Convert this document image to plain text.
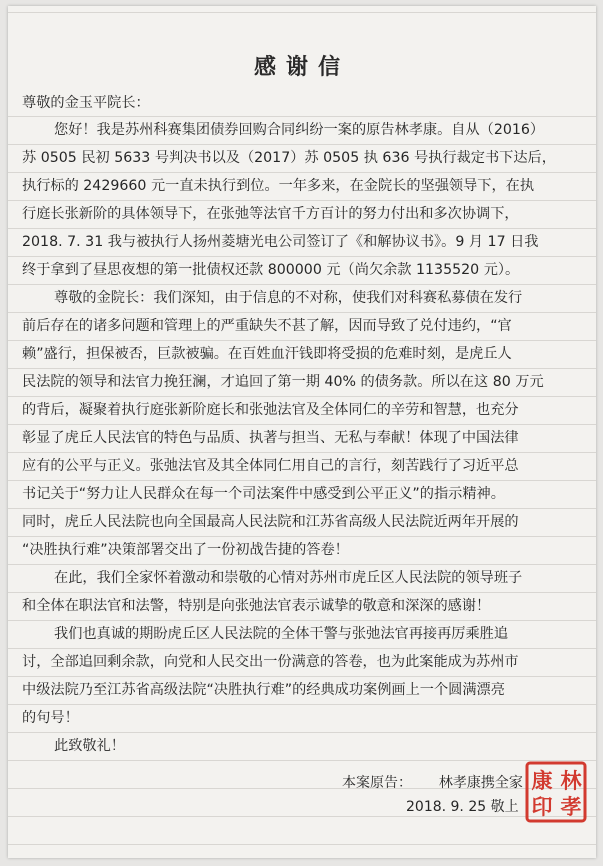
感谢信
尊敬的金玉平院长：
您好！我是苏州科赛集团债券回购合同纠纷一案的原告林孝康。自从（2016）
苏 0505 民初 5633 号判决书以及（2017）苏 0505 执 636 号执行裁定书下达后，
执行标的 2429660 元一直未执行到位。一年多来，在金院长的坚强领导下，在执
行庭长张新阶的具体领导下，在张弛等法官千方百计的努力付出和多次协调下，
2018. 7. 31 我与被执行人扬州菱塘光电公司签订了《和解协议书》。9 月 17 日我
终于拿到了昼思夜想的第一批债权还款 800000 元（尚欠余款 1135520 元）。
尊敬的金院长：我们深知，由于信息的不对称，使我们对科赛私募债在发行
前后存在的诸多问题和管理上的严重缺失不甚了解，因而导致了兑付违约，“官
赖”盛行，担保被否，巨款被骗。在百姓血汗钱即将受损的危难时刻，是虎丘人
民法院的领导和法官力挽狂澜，才追回了第一期 40% 的债务款。所以在这 80 万元
的背后，凝聚着执行庭张新阶庭长和张弛法官及全体同仁的辛劳和智慧，也充分
彰显了虎丘人民法官的特色与品质、执著与担当、无私与奉献！体现了中国法律
应有的公平与正义。张弛法官及其全体同仁用自己的言行，刻苦践行了习近平总
书记关于“努力让人民群众在每一个司法案件中感受到公平正义”的指示精神。
同时，虎丘人民法院也向全国最高人民法院和江苏省高级人民法院近两年开展的
“决胜执行难”决策部署交出了一份初战告捷的答卷！
在此，我们全家怀着激动和崇敬的心情对苏州市虎丘区人民法院的领导班子
和全体在职法官和法警，特别是向张弛法官表示诚挚的敬意和深深的感谢！
我们也真诚的期盼虎丘区人民法院的全体干警与张弛法官再接再厉乘胜追
讨，全部追回剩余款，向党和人民交出一份满意的答卷，也为此案能成为苏州市
中级法院乃至江苏省高级法院“决胜执行难”的经典成功案例画上一个圆满漂亮
的句号！
此致敬礼！
本案原告： 林孝康携全家
2018. 9. 25 敬上
林
孝
康
印
